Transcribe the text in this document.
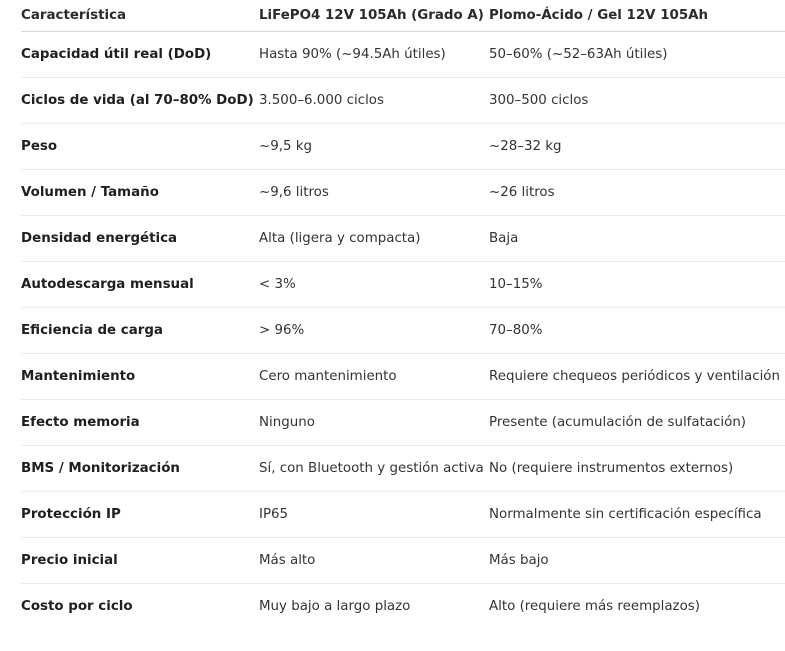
Característica	LiFePO4 12V 105Ah (Grado A)	Plomo-Ácido / Gel 12V 105Ah
Capacidad útil real (DoD)	Hasta 90% (~94.5Ah útiles)	50–60% (~52–63Ah útiles)
Ciclos de vida (al 70–80% DoD)	3.500–6.000 ciclos	300–500 ciclos
Peso	~9,5 kg	~28–32 kg
Volumen / Tamaño	~9,6 litros	~26 litros
Densidad energética	Alta (ligera y compacta)	Baja
Autodescarga mensual	< 3%	10–15%
Eficiencia de carga	> 96%	70–80%
Mantenimiento	Cero mantenimiento	Requiere chequeos periódicos y ventilación
Efecto memoria	Ninguno	Presente (acumulación de sulfatación)
BMS / Monitorización	Sí, con Bluetooth y gestión activa	No (requiere instrumentos externos)
Protección IP	IP65	Normalmente sin certificación específica
Precio inicial	Más alto	Más bajo
Costo por ciclo	Muy bajo a largo plazo	Alto (requiere más reemplazos)
